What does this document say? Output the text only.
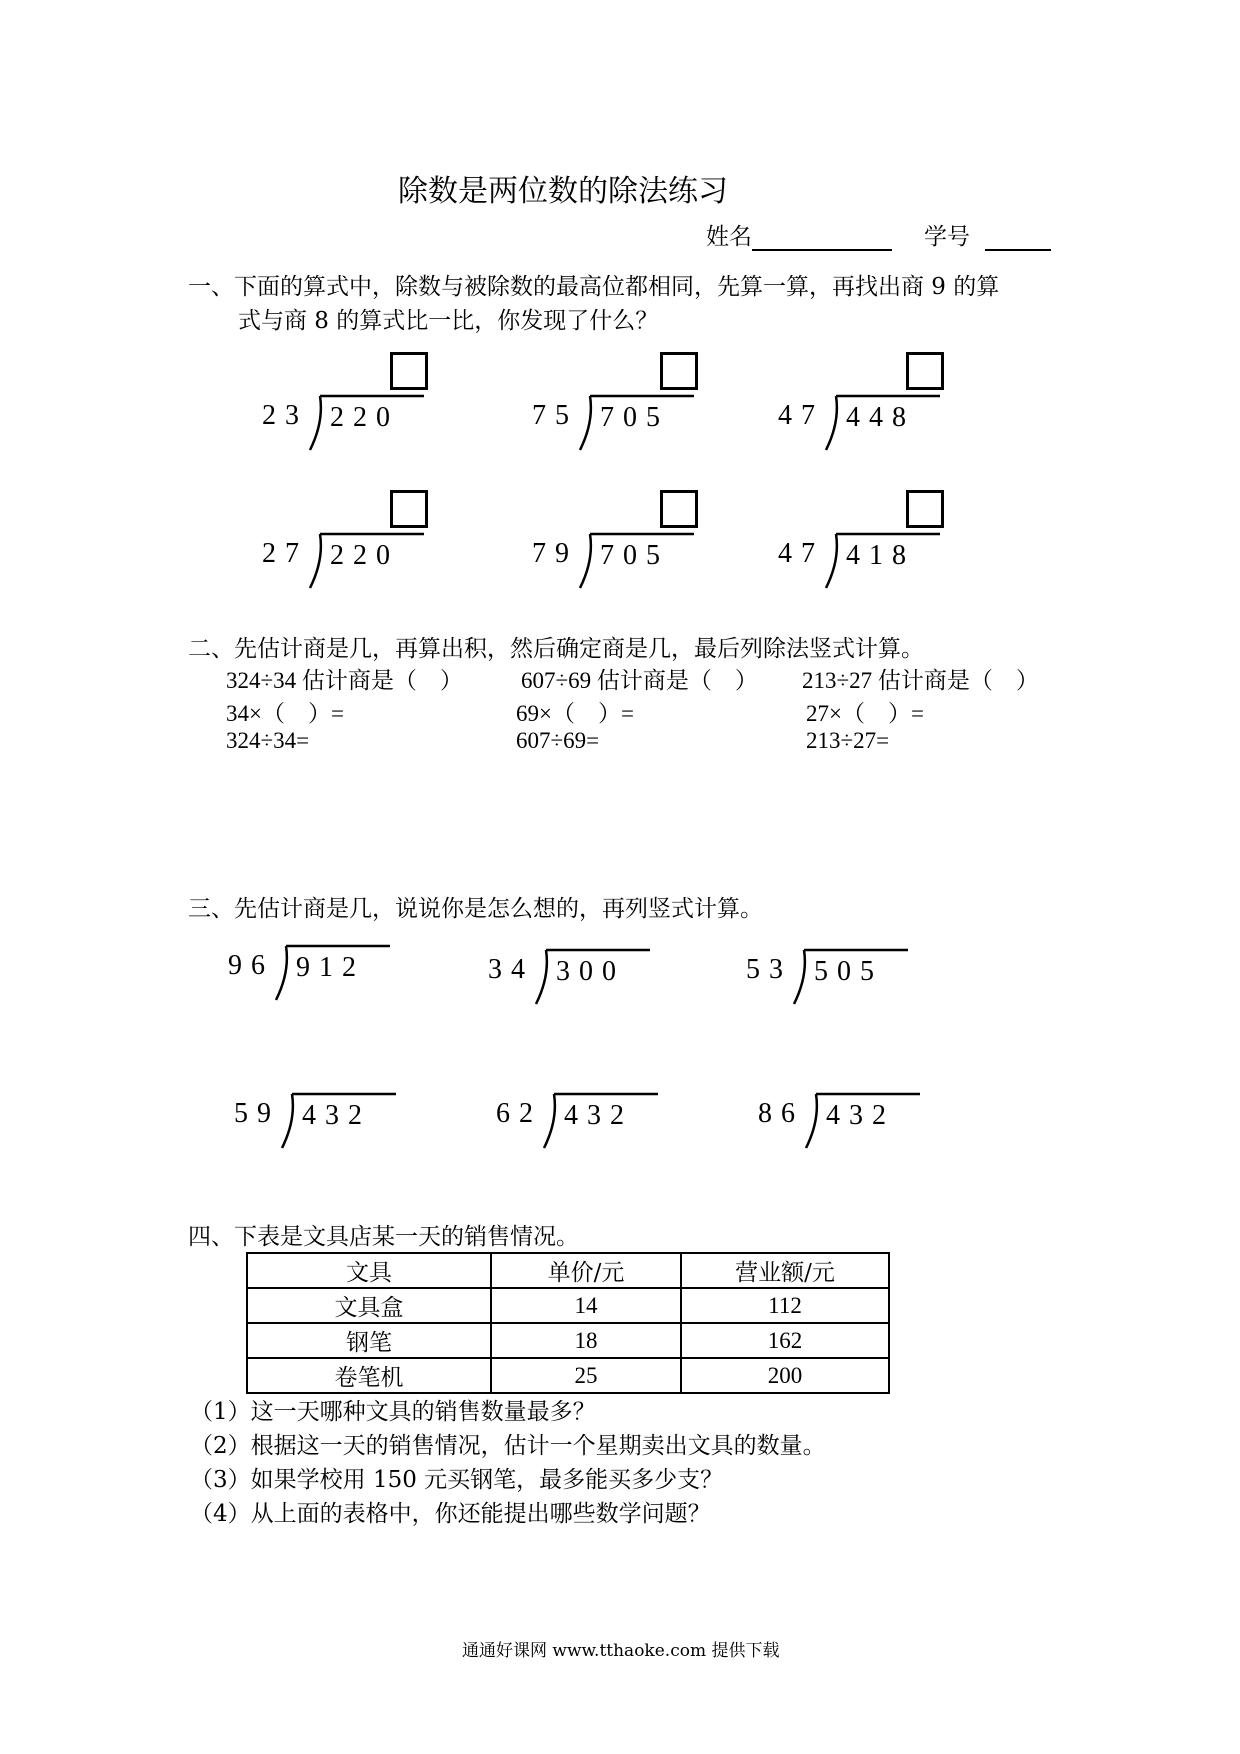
除数是两位数的除法练习
姓名	学号
一、下面的算式中，除数与被除数的最高位都相同，先算一算，再找出商 9 的算
式与商 8 的算式比一比，你发现了什么？
23 220	75 705	47 448
27 220	79 705	47 418
二、先估计商是几，再算出积，然后确定商是几，最后列除法竖式计算。
324÷34 估计商是（　）	607÷69 估计商是（　） 213÷27 估计商是（　）
34×（　）=	69×（　）=	27×（　）=
324÷34=	607÷69=	213÷27=
三、先估计商是几，说说你是怎么想的，再列竖式计算。
96 912	34 300	53 505
59 432	62 432	86 432
四、下表是文具店某一天的销售情况。
文具	单价/元	营业额/元
文具盒	14	112
钢笔	18	162
卷笔机	25	200
（1）这一天哪种文具的销售数量最多？
（2）根据这一天的销售情况，估计一个星期卖出文具的数量。
（3）如果学校用 150 元买钢笔，最多能买多少支？
（4）从上面的表格中，你还能提出哪些数学问题？
通通好课网 www.tthaoke.com 提供下载
